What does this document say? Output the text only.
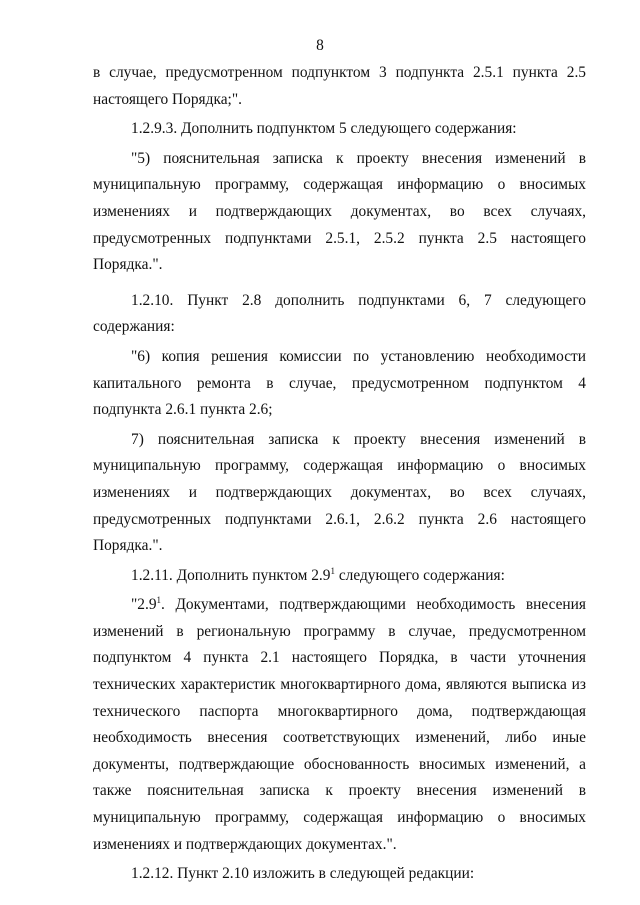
8

в случае, предусмотренном подпунктом 3 подпункта 2.5.1 пункта 2.5 настоящего Порядка;".

1.2.9.3. Дополнить подпунктом 5 следующего содержания:

"5) пояснительная записка к проекту внесения изменений в муниципальную программу, содержащая информацию о вносимых изменениях и подтверждающих документах, во всех случаях, предусмотренных подпунктами 2.5.1, 2.5.2 пункта 2.5 настоящего Порядка.".

1.2.10. Пункт 2.8 дополнить подпунктами 6, 7 следующего содержания:

"6) копия решения комиссии по установлению необходимости капитального ремонта в случае, предусмотренном подпунктом 4 подпункта 2.6.1 пункта 2.6;

7) пояснительная записка к проекту внесения изменений в муниципальную программу, содержащая информацию о вносимых изменениях и подтверждающих документах, во всех случаях, предусмотренных подпунктами 2.6.1, 2.6.2 пункта 2.6 настоящего Порядка.".

1.2.11. Дополнить пунктом $2.9^1$ следующего содержания:

"$2.9^1$. Документами, подтверждающими необходимость внесения изменений в региональную программу в случае, предусмотренном подпунктом 4 пункта 2.1 настоящего Порядка, в части уточнения технических характеристик многоквартирного дома, являются выписка из технического паспорта многоквартирного дома, подтверждающая необходимость внесения соответствующих изменений, либо иные документы, подтверждающие обоснованность вносимых изменений, а также пояснительная записка к проекту внесения изменений в муниципальную программу, содержащая информацию о вносимых изменениях и подтверждающих документах.".

1.2.12. Пункт 2.10 изложить в следующей редакции:
